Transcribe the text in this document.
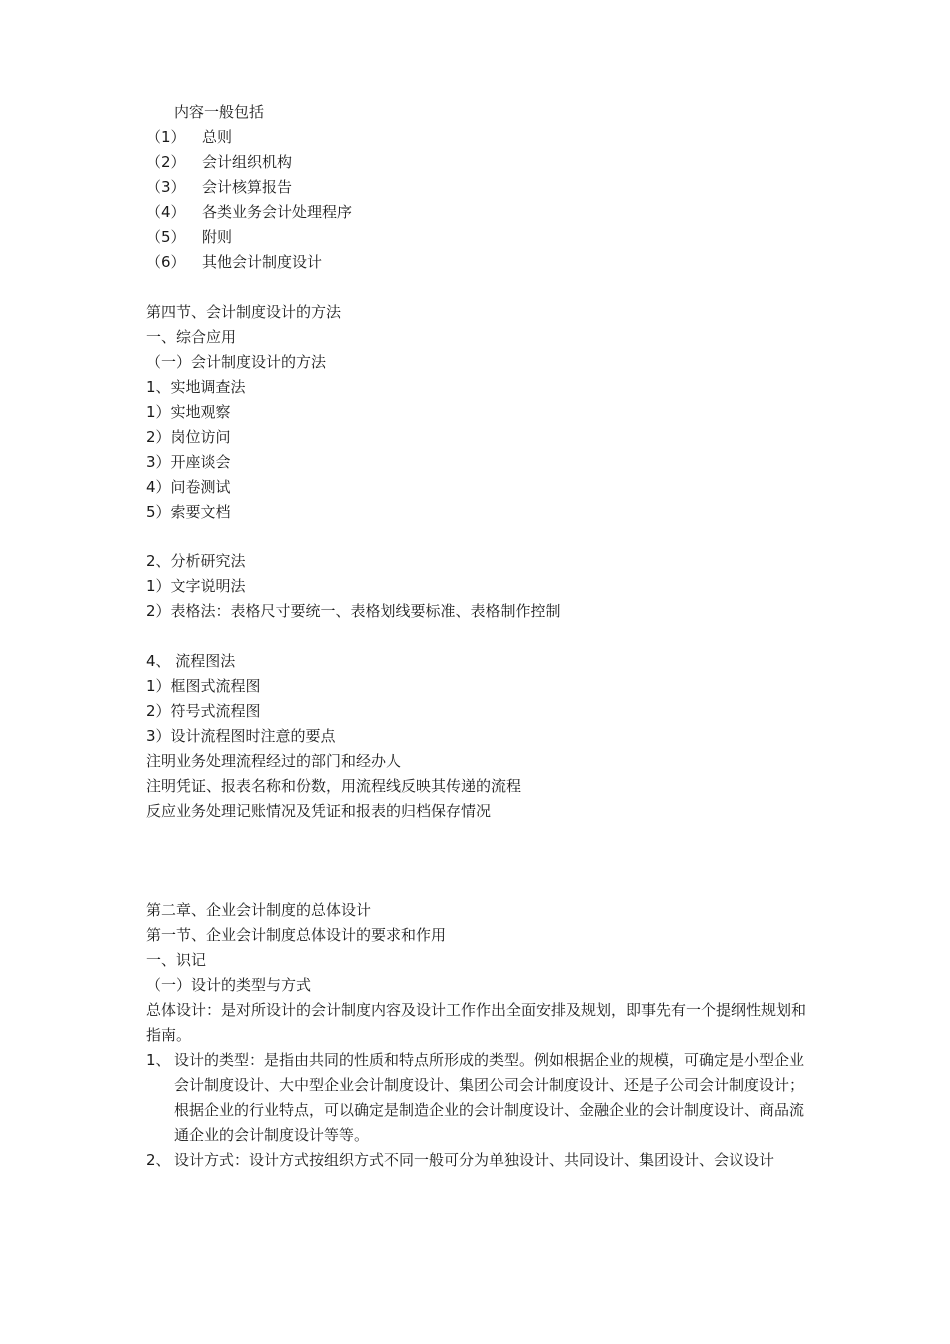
内容一般包括
（1） 总则
（2） 会计组织机构
（3） 会计核算报告
（4） 各类业务会计处理程序
（5） 附则
（6） 其他会计制度设计
第四节、会计制度设计的方法
一、综合应用
（一）会计制度设计的方法
1、实地调查法
1）实地观察
2）岗位访问
3）开座谈会
4）问卷测试
5）索要文档
2、分析研究法
1）文字说明法
2）表格法：表格尺寸要统一、表格划线要标准、表格制作控制
4、 流程图法
1）框图式流程图
2）符号式流程图
3）设计流程图时注意的要点
注明业务处理流程经过的部门和经办人
注明凭证、报表名称和份数，用流程线反映其传递的流程
反应业务处理记账情况及凭证和报表的归档保存情况
第二章、企业会计制度的总体设计
第一节、企业会计制度总体设计的要求和作用
一、识记
（一）设计的类型与方式
总体设计：是对所设计的会计制度内容及设计工作作出全面安排及规划，即事先有一个提纲性规划和指南。
1、 设计的类型：是指由共同的性质和特点所形成的类型。例如根据企业的规模，可确定是小型企业会计制度设计、大中型企业会计制度设计、集团公司会计制度设计、还是子公司会计制度设计；根据企业的行业特点，可以确定是制造企业的会计制度设计、金融企业的会计制度设计、商品流通企业的会计制度设计等等。
2、 设计方式：设计方式按组织方式不同一般可分为单独设计、共同设计、集团设计、会议设计
